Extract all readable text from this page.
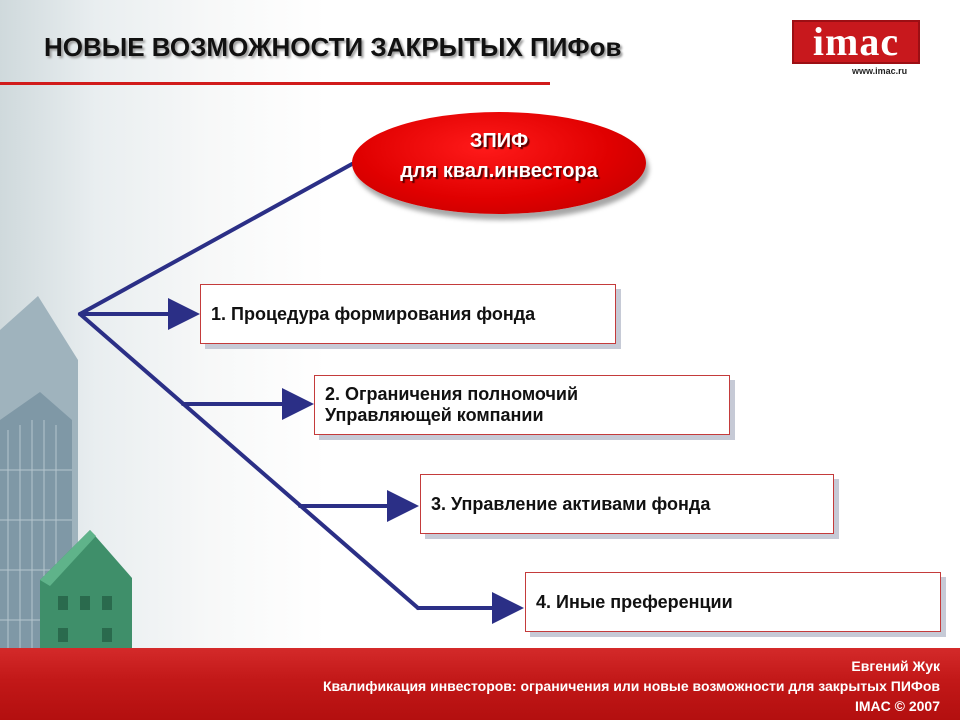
НОВЫЕ ВОЗМОЖНОСТИ ЗАКРЫТЫХ ПИФов	imac
www.imac.ru
ЗПИФ
для квал.инвестора
1. Процедура формирования фонда
2. Ограничения полномочий
Управляющей компании
3. Управление активами фонда
4. Иные преференции
Евгений Жук
Квалификация инвесторов: ограничения или новые возможности для закрытых ПИФов
IMAC © 2007
